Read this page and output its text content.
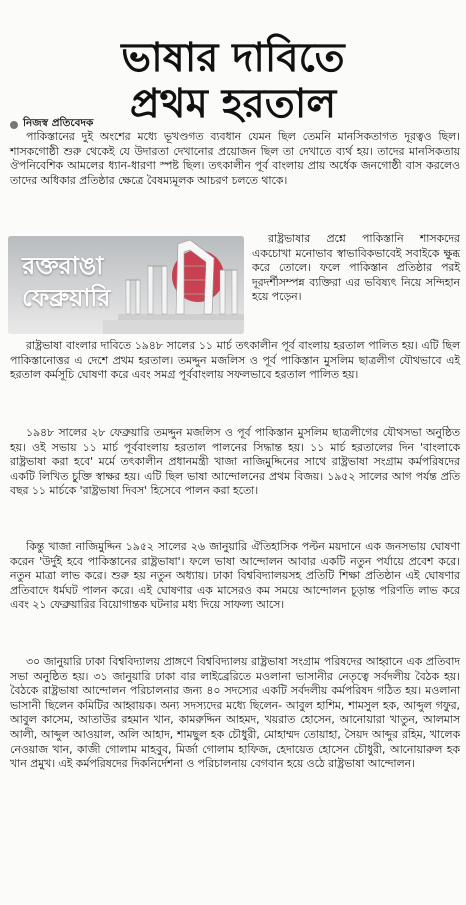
ভাষার দাবিতে
প্রথম হরতাল
নিজস্ব প্রতিবেদক

পাকিস্তানের দুই অংশের মধ্যে ভূখণ্ডগত ব্যবধান যেমন ছিল তেমনি মানসিকতাগত দূরত্বও ছিল। শাসকগোষ্ঠী শুরু থেকেই যে উদারতা দেখানোর প্রয়োজন ছিল তা দেখাতে ব্যর্থ হয়। তাদের মানসিকতায় ঔপনিবেশিক আমলের ধ্যান-ধারণা স্পষ্ট ছিল। তৎকালীন পূর্ব বাংলায় প্রায় অর্ধেক জনগোষ্ঠী বাস করলেও তাদের অধিকার প্রতিষ্ঠার ক্ষেত্রে বৈষম্যমূলক আচরণ চলতে থাকে।

রক্তরাঙা
ফেব্রুয়ারি

রাষ্ট্রভাষার প্রশ্নে পাকিস্তানি শাসকদের একচোখা মনোভাব স্বাভাবিকভাবেই সবাইকে ক্ষুব্ধ করে তোলে। ফলে পাকিস্তান প্রতিষ্ঠার পরই দূরদর্শীসম্পন্ন ব্যক্তিরা এর ভবিষ্যৎ নিয়ে সন্দিহান হয়ে পড়েন।

রাষ্ট্রভাষা বাংলার দাবিতে ১৯৪৮ সালের ১১ মার্চ তৎকালীন পূর্ব বাংলায় হরতাল পালিত হয়। এটি ছিল পাকিস্তানোত্তর এ দেশে প্রথম হরতাল। তমদ্দুন মজলিস ও পূর্ব পাকিস্তান মুসলিম ছাত্রলীগ যৌথভাবে এই হরতাল কর্মসূচি ঘোষণা করে এবং সমগ্র পূর্ববাংলায় সফলভাবে হরতাল পালিত হয়।

১৯৪৮ সালের ২৮ ফেব্রুয়ারি তমদ্দুন মজলিস ও পূর্ব পাকিস্তান মুসলিম ছাত্রলীগের যৌথসভা অনুষ্ঠিত হয়। ওই সভায় ১১ মার্চ পূর্ববাংলায় হরতাল পালনের সিদ্ধান্ত হয়। ১১ মার্চ হরতালের দিন 'বাংলাকে রাষ্ট্রভাষা করা হবে' মর্মে তৎকালীন প্রধানমন্ত্রী খাজা নাজিমুদ্দিনের সাথে রাষ্ট্রভাষা সংগ্রাম কর্মপরিষদের একটি লিখিত চুক্তি স্বাক্ষর হয়। এটি ছিল ভাষা আন্দোলনের প্রথম বিজয়। ১৯৫২ সালের আগ পর্যন্ত প্রতি বছর ১১ মার্চকে 'রাষ্ট্রভাষা দিবস' হিসেবে পালন করা হতো।

কিন্তু খাজা নাজিমুদ্দিন ১৯৫২ সালের ২৬ জানুয়ারি ঐতিহাসিক পল্টন ময়দানে এক জনসভায় ঘোষণা করেন 'উর্দুই হবে পাকিস্তানের রাষ্ট্রভাষা'। ফলে ভাষা আন্দোলন আবার একটি নতুন পর্যায়ে প্রবেশ করে। নতুন মাত্রা লাভ করে। শুরু হয় নতুন অধ্যায়। ঢাকা বিশ্ববিদ্যালয়সহ প্রতিটি শিক্ষা প্রতিষ্ঠান এই ঘোষণার প্রতিবাদে ধর্মঘট পালন করে। এই ঘোষণার এক মাসেরও কম সময়ে আন্দোলন চূড়ান্ত পরিণতি লাভ করে এবং ২১ ফেব্রুয়ারির বিয়োগান্তক ঘটনার মধ্য দিয়ে সাফল্য আসে।

৩০ জানুয়ারি ঢাকা বিশ্ববিদ্যালয় প্রাঙ্গণে বিশ্ববিদ্যালয় রাষ্ট্রভাষা সংগ্রাম পরিষদের আহ্বানে এক প্রতিবাদ সভা অনুষ্ঠিত হয়। ৩১ জানুয়ারি ঢাকা বার লাইব্রেরিতে মওলানা ভাসানীর নেতৃত্বে সর্বদলীয় বৈঠক হয়। বৈঠকে রাষ্ট্রভাষা আন্দোলন পরিচালনার জন্য ৪০ সদস্যের একটি সর্বদলীয় কর্মপরিষদ গঠিত হয়। মওলানা ভাসানী ছিলেন কমিটির আহ্বায়ক। অন্য সদস্যদের মধ্যে ছিলেন- আবুল হাশিম, শামসুল হক, আব্দুল গফুর, আবুল কাসেম, আতাউর রহমান খান, কামরুদ্দিন আহমদ, খয়রাত হোসেন, আনোয়ারা খাতুন, আলমাস আলী, আব্দুল আওয়াল, অলি আহাদ, শামছুল হক চৌধুরী, মোহাম্মদ তোয়াহা, সৈয়দ আব্দুর রহিম, খালেক নেওয়াজ খান, কাজী গোলাম মাহবুব, মির্জা গোলাম হাফিজ, হেদায়েত হোসেন চৌধুরী, আনোয়ারুল হক খান প্রমুখ। এই কর্মপরিষদের দিকনির্দেশনা ও পরিচালনায় বেগবান হয়ে ওঠে রাষ্ট্রভাষা আন্দোলন।
